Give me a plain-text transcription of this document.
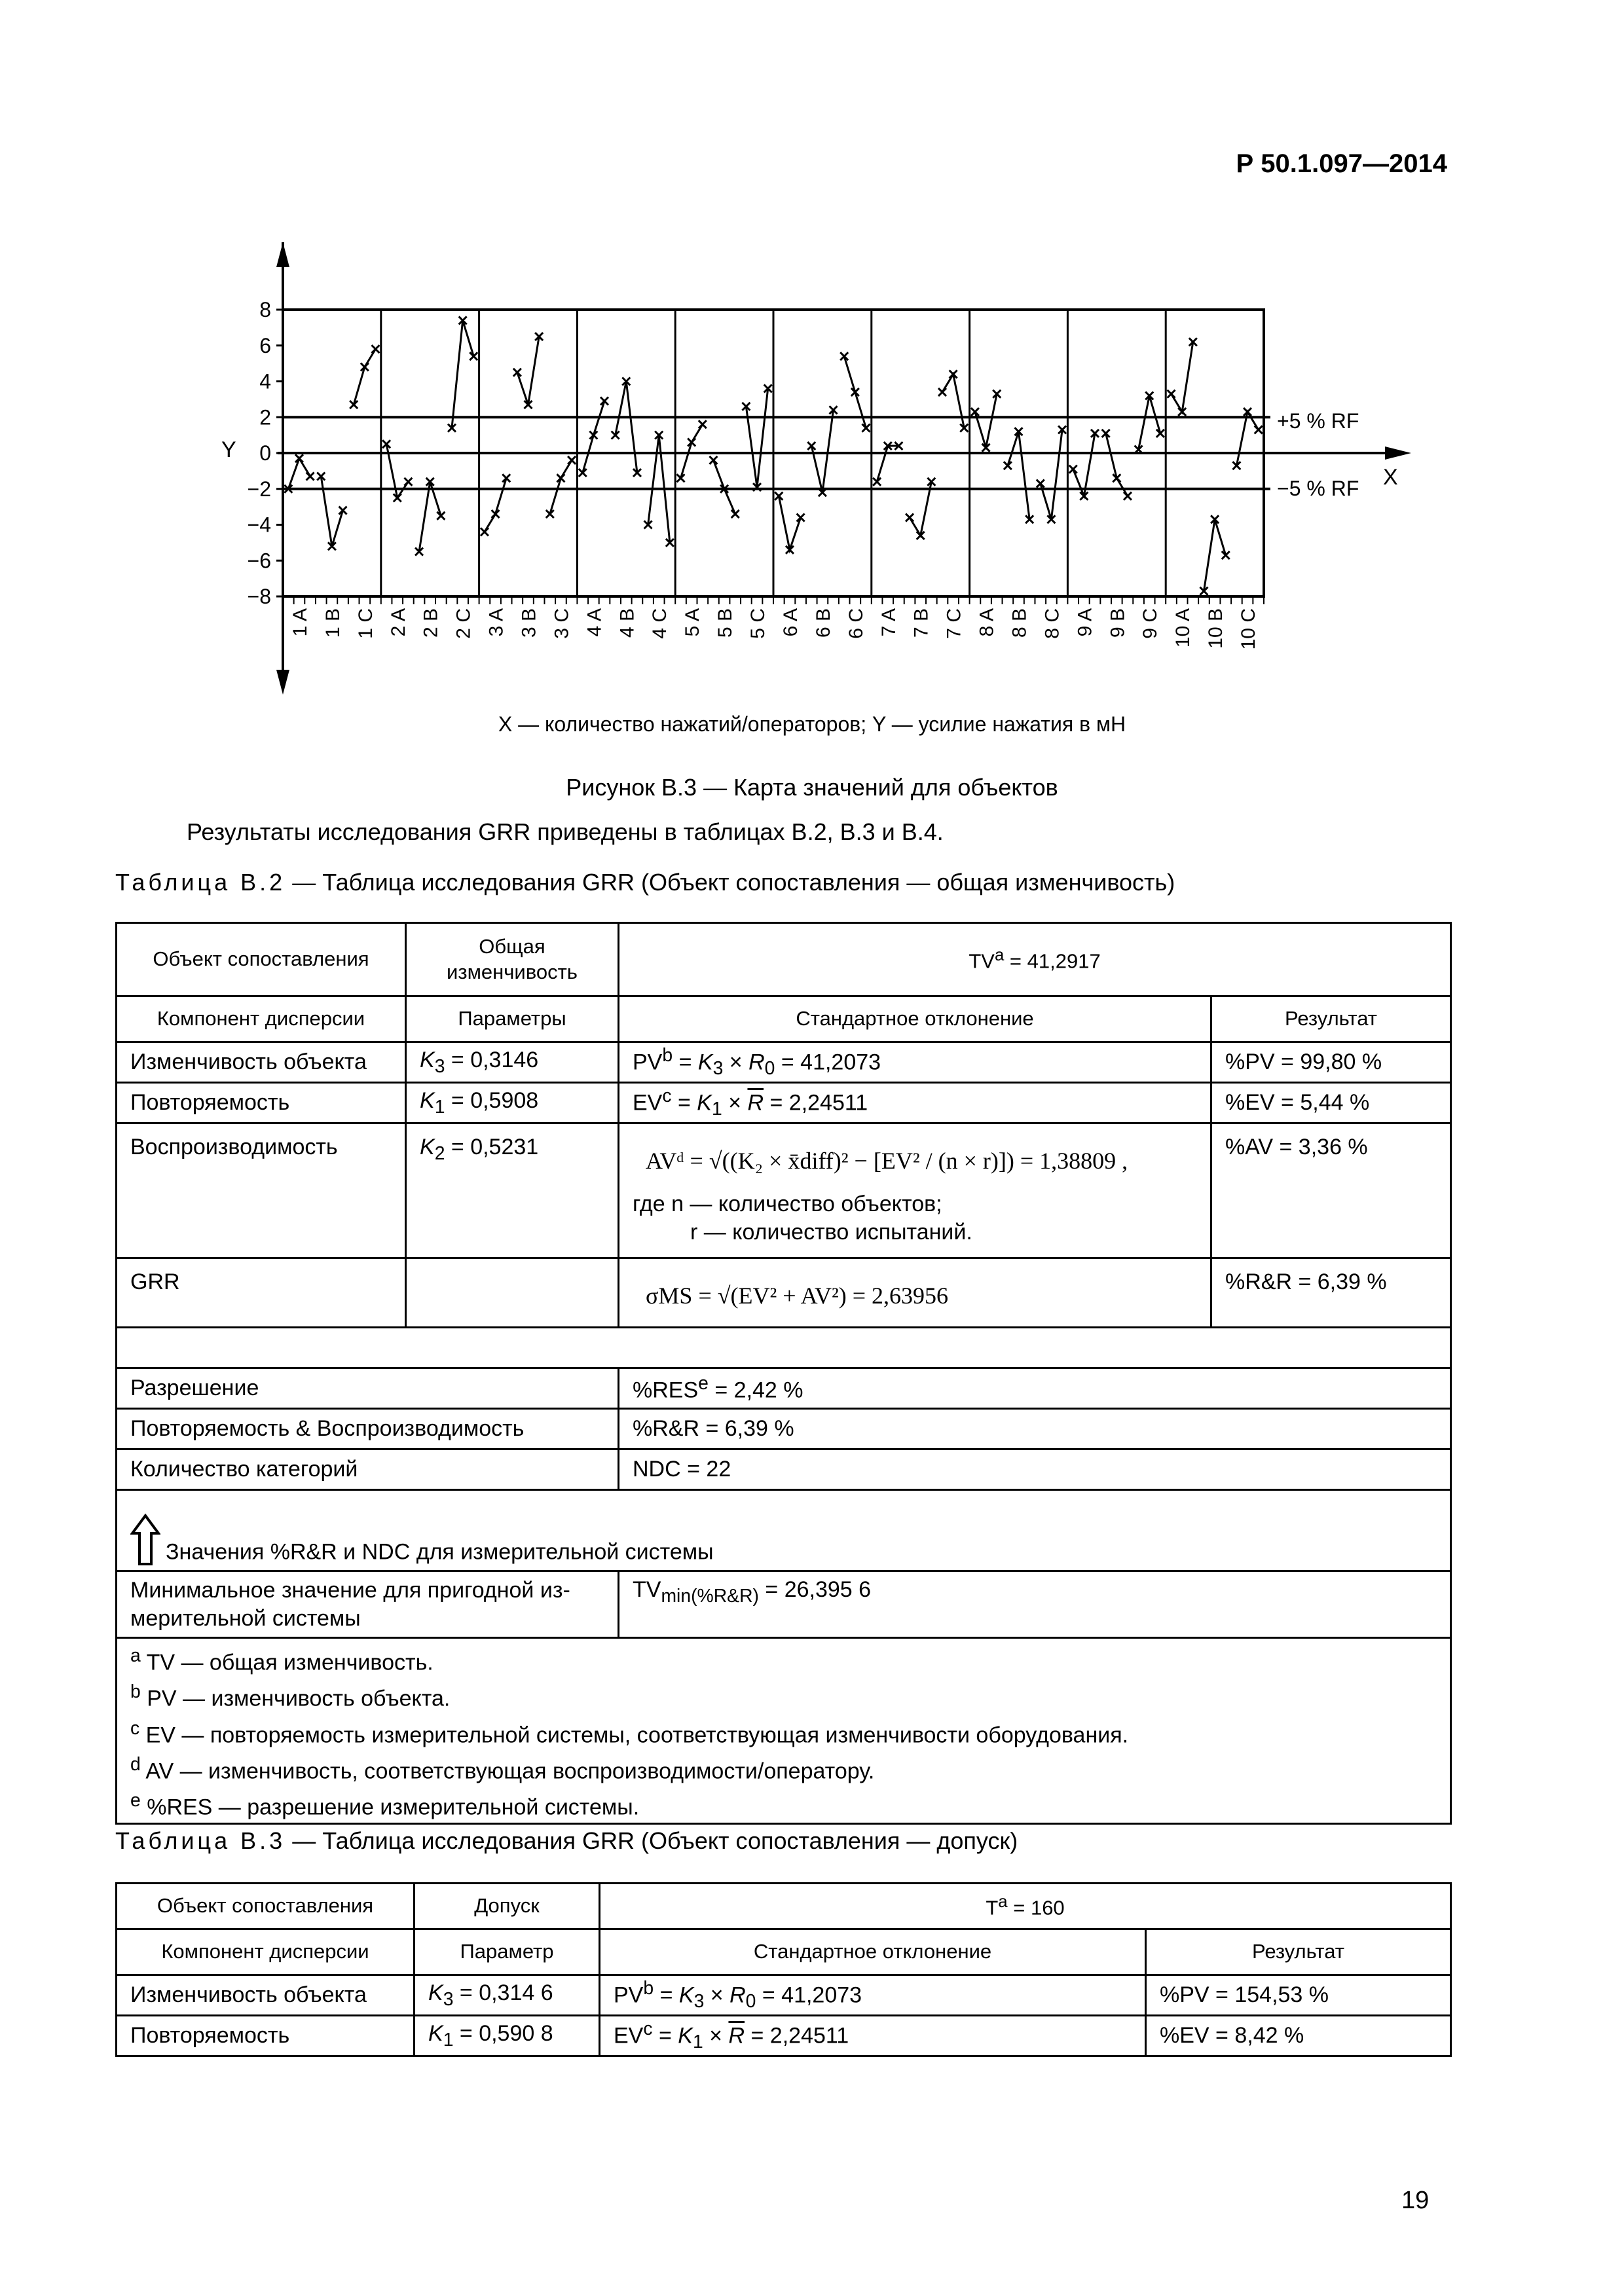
Р 50.1.097—2014
Y
X
+5 % RF
−5 % RF
8
6
4
2
0
−2
−4
−6
−8
1 A 1 B 1 C 2 A 2 B 2 C 3 A 3 B 3 C 4 A 4 B 4 C 5 A 5 B 5 C 6 A 6 B 6 C 7 A 7 B 7 C 8 A 8 B 8 C 9 A 9 B 9 C 10 A 10 B 10 C
X — количество нажатий/операторов; Y — усилие нажатия в мН
Рисунок В.3 — Карта значений для объектов
Результаты исследования GRR приведены в таблицах В.2, В.3 и В.4.
Таблица В.2 — Таблица исследования GRR (Объект сопоставления — общая изменчивость)
Объект сопоставления	Общая изменчивость	$TV^a = 41,2917$	
Компонент дисперсии	Параметры	Стандартное отклонение	Результат
Изменчивость объекта	$K_3 = 0,3146$	$PV^b = K_3 \times R_0 = 41,2073$	%PV = 99,80 %
Повторяемость	$K_1 = 0,5908$	$EV^c = K_1 \times \overline{R} = 2,24511$	%EV = 5,44 %
Воспроизводимость	$K_2 = 0,5231$	AVᵈ = √((K₂ × x̄diff)² − [EV² / (n × r)]) = 1,38809 ,
где n — количество объектов;
r — количество испытаний.	%AV = 3,36 %
GRR		σMS = √(EV² + AV²) = 2,63956	%R&R = 6,39 %

Разрешение		$\%RES^e = 2,42$ %	
Повторяемость & Воспроизводимость		%R&R = 6,39 %	
Количество категорий		NDC = 22	
Значения %R&R и NDC для измерительной системы			
Минимальное значение для пригодной из-мерительной системы		$TV_{min(\%R\&R)} = 26,395$ 6	

$^a$ TV — общая изменчивость.
$^b$ PV — изменчивость объекта.
$^c$ EV — повторяемость измерительной системы, соответствующая изменчивости оборудования.
$^d$ AV — изменчивость, соответствующая воспроизводимости/оператору.
$^e$ %RES — разрешение измерительной системы.			
Таблица В.3 — Таблица исследования GRR (Объект сопоставления — допуск)
Объект сопоставления	Допуск	$T^a = 160$	
Компонент дисперсии	Параметр	Стандартное отклонение	Результат
Изменчивость объекта	$K_3 = 0,314$ 6	$PV^b = K_3 \times R_0 = 41,2073$	%PV = 154,53 %
Повторяемость	$K_1 = 0,590$ 8	$EV^c = K_1 \times \overline{R} = 2,24511$	%EV = 8,42 %
19
